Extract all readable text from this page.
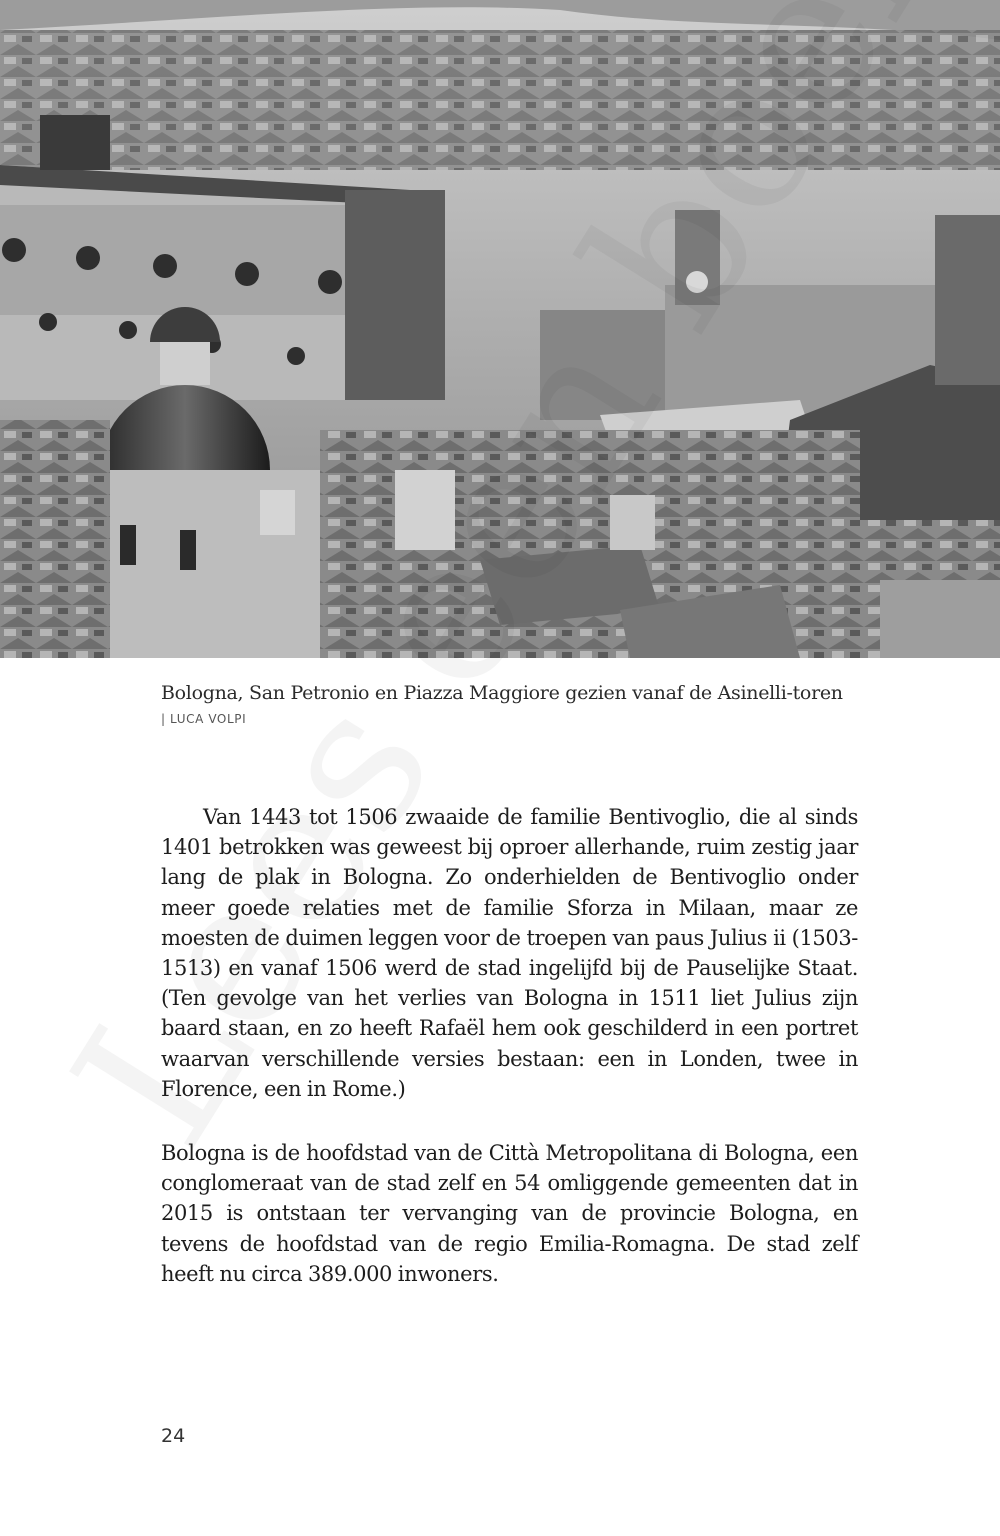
Bologna, San Petronio en Piazza Maggiore gezien vanaf de Asinelli-toren
| LUCA VOLPI

Van 1443 tot 1506 zwaaide de familie Bentivoglio, die al sinds 1401 betrokken was geweest bij oproer allerhande, ruim zestig jaar lang de plak in Bologna. Zo onderhielden de Bentivoglio onder meer goede relaties met de familie Sforza in Milaan, maar ze moesten de duimen leggen voor de troepen van paus Julius ii (1503-1513) en vanaf 1506 werd de stad ingelijfd bij de Pauselijke Staat. (Ten gevolge van het verlies van Bologna in 1511 liet Julius zijn baard staan, en zo heeft Rafaël hem ook geschilderd in een portret waarvan verschillende versies bestaan: een in Londen, twee in Florence, een in Rome.)

Bologna is de hoofdstad van de Città Metropolitana di Bologna, een conglomeraat van de stad zelf en 54 omliggende gemeenten dat in 2015 is ontstaan ter vervanging van de provincie Bologna, en tevens de hoofdstad van de regio Emilia-Romagna. De stad zelf heeft nu circa 389.000 inwoners.

24
